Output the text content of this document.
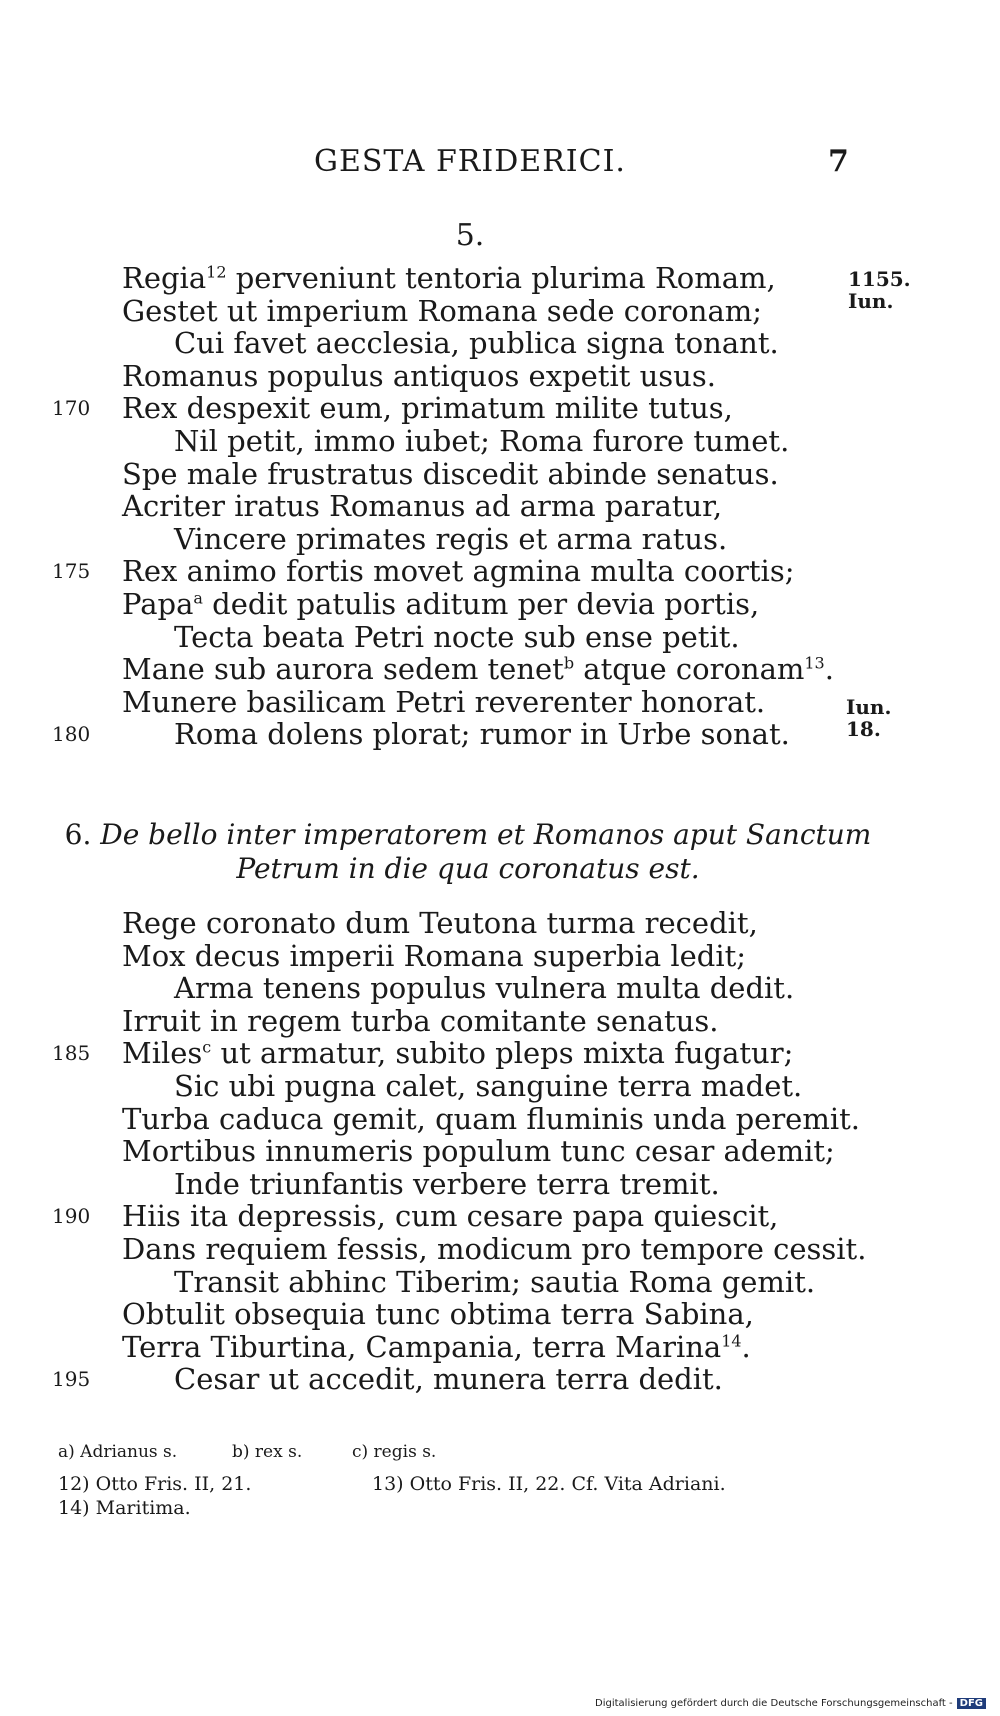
GESTA FRIDERICI.	7
5.
Regia$^{12}$ perveniunt tentoria plurima Romam,
Gestet ut imperium Romana sede coronam;
Cui favet aecclesia, publica signa tonant.
Romanus populus antiquos expetit usus.
Rex despexit eum, primatum milite tutus,
170
Nil petit, immo iubet; Roma furore tumet.
Spe male frustratus discedit abinde senatus.
Acriter iratus Romanus ad arma paratur,
Vincere primates regis et arma ratus.
Rex animo fortis movet agmina multa coortis;
175
Papa$^a$ dedit patulis aditum per devia portis,
Tecta beata Petri nocte sub ense petit.
Mane sub aurora sedem tenet$^b$ atque coronam$^{13}$.
Munere basilicam Petri reverenter honorat.
Roma dolens plorat; rumor in Urbe sonat.
180
1155.
Iun.
Iun.
18.
6. De bello inter imperatorem et Romanos aput Sanctum
Petrum in die qua coronatus est.
Rege coronato dum Teutona turma recedit,
Mox decus imperii Romana superbia ledit;
Arma tenens populus vulnera multa dedit.
Irruit in regem turba comitante senatus.
Miles$^c$ ut armatur, subito pleps mixta fugatur;
185
Sic ubi pugna calet, sanguine terra madet.
Turba caduca gemit, quam fluminis unda peremit.
Mortibus innumeris populum tunc cesar ademit;
Inde triunfantis verbere terra tremit.
Hiis ita depressis, cum cesare papa quiescit,
190
Dans requiem fessis, modicum pro tempore cessit.
Transit abhinc Tiberim; sautia Roma gemit.
Obtulit obsequia tunc obtima terra Sabina,
Terra Tiburtina, Campania, terra Marina$^{14}$.
Cesar ut accedit, munera terra dedit.
195
a) Adrianus s.	b) rex s.	c) regis s.
12) Otto Fris. II, 21.	13) Otto Fris. II, 22. Cf. Vita Adriani.
14) Maritima.
Digitalisierung gefördert durch die Deutsche Forschungsgemeinschaft - DFG
